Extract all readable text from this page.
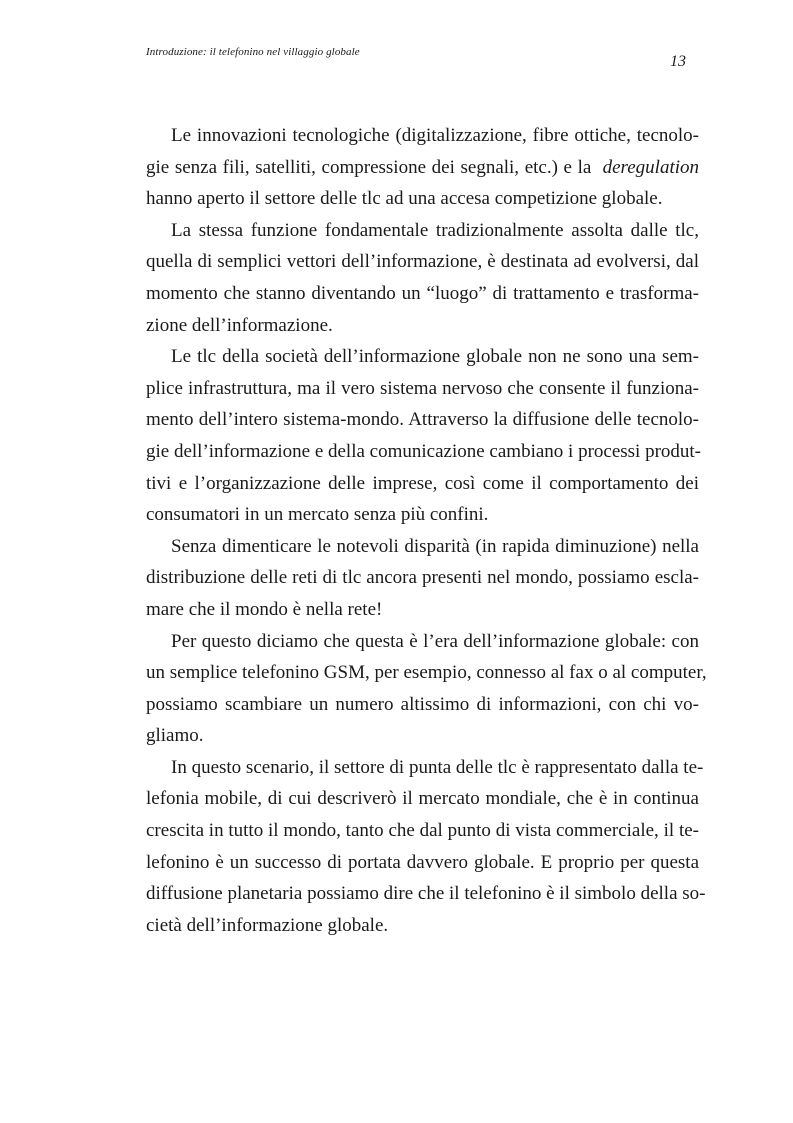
Introduzione: il telefonino nel villaggio globale
13
Le innovazioni tecnologiche (digitalizzazione, fibre ottiche, tecnolo-
gie senza fili, satelliti, compressione dei segnali, etc.) e la deregulation
hanno aperto il settore delle tlc ad una accesa competizione globale.
La stessa funzione fondamentale tradizionalmente assolta dalle tlc,
quella di semplici vettori dell’informazione, è destinata ad evolversi, dal
momento che stanno diventando un “luogo” di trattamento e trasforma-
zione dell’informazione.
Le tlc della società dell’informazione globale non ne sono una sem-
plice infrastruttura, ma il vero sistema nervoso che consente il funziona-
mento dell’intero sistema-mondo. Attraverso la diffusione delle tecnolo-
gie dell’informazione e della comunicazione cambiano i processi produt-
tivi e l’organizzazione delle imprese, così come il comportamento dei
consumatori in un mercato senza più confini.
Senza dimenticare le notevoli disparità (in rapida diminuzione) nella
distribuzione delle reti di tlc ancora presenti nel mondo, possiamo escla-
mare che il mondo è nella rete!
Per questo diciamo che questa è l’era dell’informazione globale: con
un semplice telefonino GSM, per esempio, connesso al fax o al computer,
possiamo scambiare un numero altissimo di informazioni, con chi vo-
gliamo.
In questo scenario, il settore di punta delle tlc è rappresentato dalla te-
lefonia mobile, di cui descriverò il mercato mondiale, che è in continua
crescita in tutto il mondo, tanto che dal punto di vista commerciale, il te-
lefonino è un successo di portata davvero globale. E proprio per questa
diffusione planetaria possiamo dire che il telefonino è il simbolo della so-
cietà dell’informazione globale.
